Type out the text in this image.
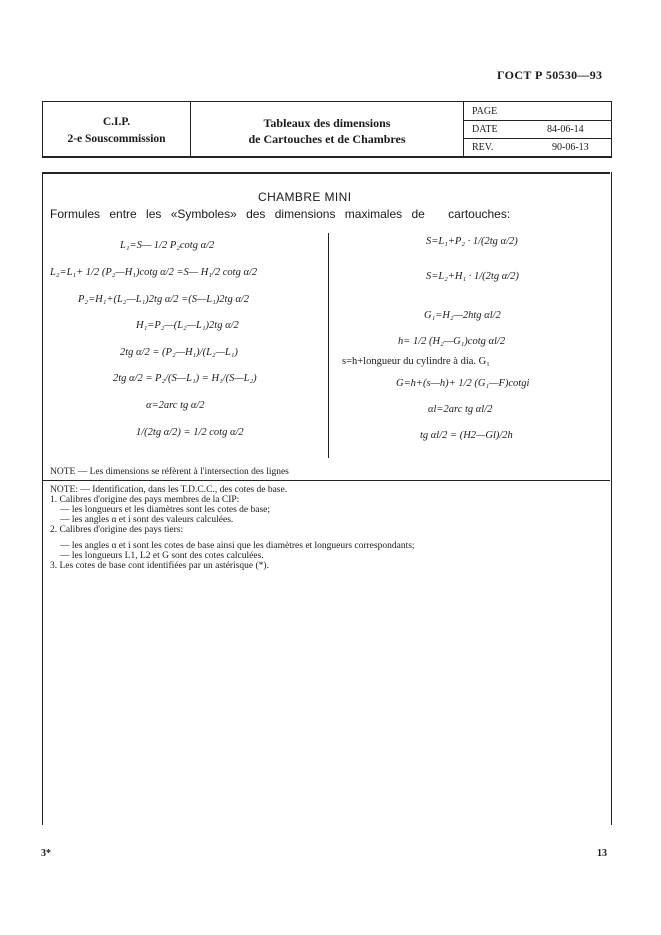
ГОСТ Р 50530—93
C.I.P.
2-e Souscommission
Tableaux des dimensions
de Cartouches et de Chambres
PAGE
DATE	84-06-14
REV.	90-06-13
CHAMBRE MINI
Formules entre les «Symboles» des dimensions maximales de cartouches:
L₁=S— 1/2 P₂cotg α/2
L₂=L₁+ 1/2 (P₂—H₁)cotg α/2 =S— H₁/2 cotg α/2
P₂=H₁+(L₂—L₁)2tg α/2 =(S—L₁)2tg α/2
H₁=P₂—(L₂—L₁)2tg α/2
2tg α/2 = (P₂—H₁)/(L₂—L₁)
2tg α/2 = P₂/(S—L₁) = H₁/(S—L₂)
α=2arc tg α/2
1/(2tg α/2) = 1/2 cotg α/2
S=L₁+P₂ · 1/(2tg α/2)
S=L₂+H₁ · 1/(2tg α/2)
G₁=H₂—2htg αl/2
h= 1/2 (H₂—G₁)cotg αl/2
s=h+longueur du cylindre à dia. G₁
G=h+(s—h)+ 1/2 (G₁—F)cotgi
αl=2arc tg αl/2
tg αl/2 = (H2—Gl)/2h
NOTE — Les dimensions se réfèrent à l'intersection des lignes
NOTE: — Identification, dans les T.D.C.C., des cotes de base.
1. Calibres d'origine des pays membres de la CIP:
— les longueurs et les diamètres sont les cotes de base;
— les angles α et i sont des valeurs calculées.
2. Calibres d'origine des pays tiers:
— les angles α et i sont les cotes de base ainsi que les diamètres et longueurs correspondants;
— les longueurs L1, L2 et G sont des cotes calculées.
3. Les cotes de base cont identifiées par un astérisque (*).
3*	13
